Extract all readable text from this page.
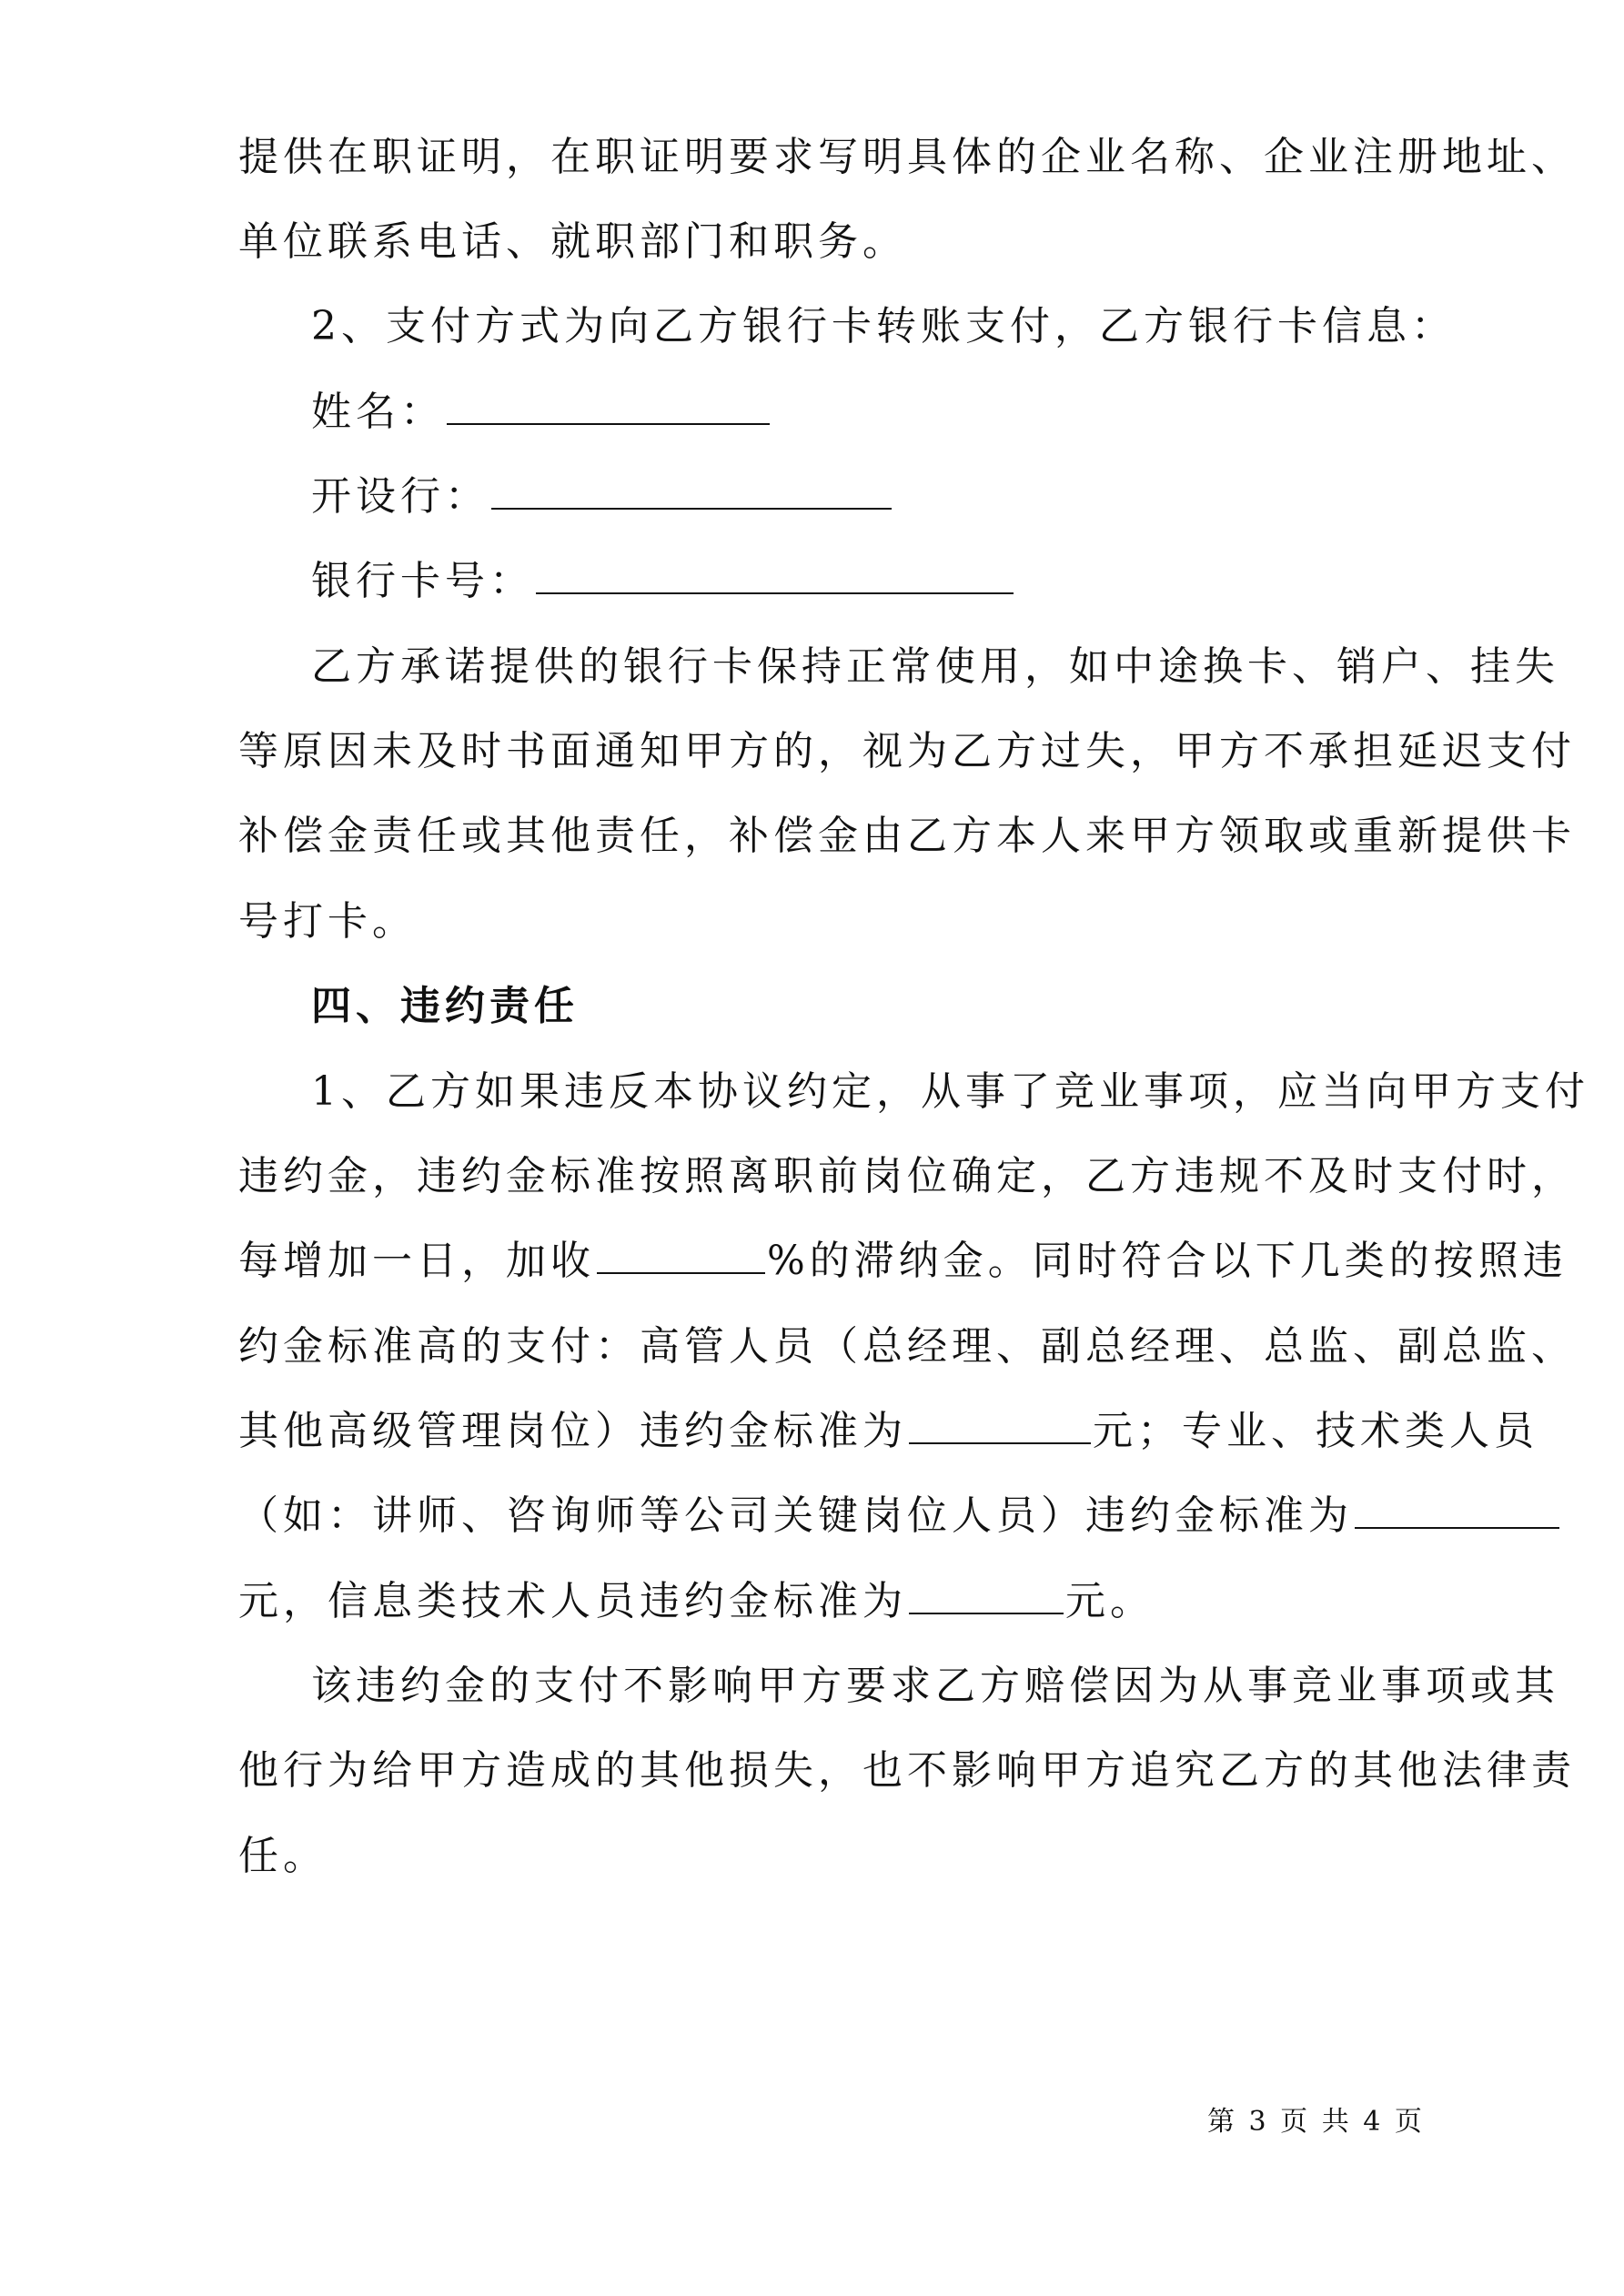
提供在职证明，在职证明要求写明具体的企业名称、企业注册地址、
单位联系电话、就职部门和职务。
2、支付方式为向乙方银行卡转账支付，乙方银行卡信息：
姓名：
开设行：
银行卡号：
乙方承诺提供的银行卡保持正常使用，如中途换卡、销户、挂失
等原因未及时书面通知甲方的，视为乙方过失，甲方不承担延迟支付
补偿金责任或其他责任，补偿金由乙方本人来甲方领取或重新提供卡
号打卡。
四、违约责任
1、乙方如果违反本协议约定，从事了竞业事项，应当向甲方支付
违约金，违约金标准按照离职前岗位确定，乙方违规不及时支付时，
每增加一日，加收	%的滞纳金。同时符合以下几类的按照违
约金标准高的支付：高管人员（总经理、副总经理、总监、副总监、
其他高级管理岗位）违约金标准为	元；专业、技术类人员
（如：讲师、咨询师等公司关键岗位人员）违约金标准为
元，信息类技术人员违约金标准为	元。
该违约金的支付不影响甲方要求乙方赔偿因为从事竞业事项或其
他行为给甲方造成的其他损失，也不影响甲方追究乙方的其他法律责
任。
第 3 页 共 4 页
